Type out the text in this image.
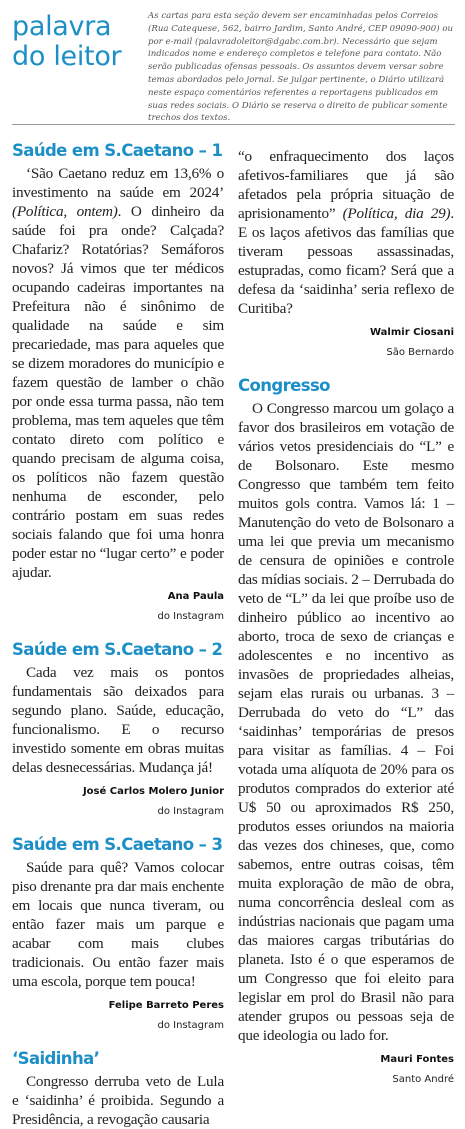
palavra
do leitor
As cartas para esta seção devem ser encaminhadas pelos Correios (Rua Catequese, 562, bairro Jardim, Santo André, CEP 09090-900) ou por e-mail (palavradoleitor@dgabc.com.br). Necessário que sejam indicados nome e endereço completos e telefone para contato. Não serão publicadas ofensas pessoais. Os assuntos devem versar sobre temas abordados pelo jornal. Se julgar pertinente, o Diário utilizará neste espaço comentários referentes a reportagens publicados em suas redes sociais. O Diário se reserva o direito de publicar somente trechos dos textos.
Saúde em S.Caetano – 1
‘São Caetano reduz em 13,6% o investimento na saúde em 2024’ (Política, ontem). O dinheiro da saúde foi pra onde? Calçada? Chafariz? Rotatórias? Semáforos novos? Já vimos que ter médicos ocupando cadeiras importantes na Prefeitura não é sinônimo de qualidade na saúde e sim precariedade, mas para aqueles que se dizem moradores do município e fazem questão de lamber o chão por onde essa turma passa, não tem problema, mas tem aqueles que têm contato direto com político e quando precisam de alguma coisa, os políticos não fazem questão nenhuma de esconder, pelo contrário postam em suas redes sociais falando que foi uma honra poder estar no “lugar certo” e poder ajudar.
Ana Paula
do Instagram
Saúde em S.Caetano – 2
Cada vez mais os pontos fundamentais são deixados para segundo plano. Saúde, educação, funcionalismo. E o recurso investido somente em obras muitas delas desnecessárias. Mudança já!
José Carlos Molero Junior
do Instagram
Saúde em S.Caetano – 3
Saúde para quê? Vamos colocar piso drenante pra dar mais enchente em locais que nunca tiveram, ou então fazer mais um parque e acabar com mais clubes tradicionais. Ou então fazer mais uma escola, porque tem pouca!
Felipe Barreto Peres
do Instagram
‘Saidinha’
Congresso derruba veto de Lula e ‘saidinha’ é proibida. Segundo a Presidência, a revogação causaria
“o enfraquecimento dos laços afetivos-familiares que já são afetados pela própria situação de aprisionamento” (Política, dia 29). E os laços afetivos das famílias que tiveram pessoas assassinadas, estupradas, como ficam? Será que a defesa da ‘saidinha’ seria reflexo de Curitiba?
Walmir Ciosani
São Bernardo
Congresso
O Congresso marcou um golaço a favor dos brasileiros em votação de vários vetos presidenciais do “L” e de Bolsonaro. Este mesmo Congresso que também tem feito muitos gols contra. Vamos lá: 1 – Manutenção do veto de Bolsonaro a uma lei que previa um mecanismo de censura de opiniões e controle das mídias sociais. 2 – Derrubada do veto de “L” da lei que proíbe uso de dinheiro público ao incentivo ao aborto, troca de sexo de crianças e adolescentes e no incentivo as invasões de propriedades alheias, sejam elas rurais ou urbanas. 3 – Derrubada do veto do “L” das ‘saidinhas’ temporárias de presos para visitar as famílias. 4 – Foi votada uma alíquota de 20% para os produtos comprados do exterior até U$ 50 ou aproximados R$ 250, produtos esses oriundos na maioria das vezes dos chineses, que, como sabemos, entre outras coisas, têm muita exploração de mão de obra, numa concorrência desleal com as indústrias nacionais que pagam uma das maiores cargas tributárias do planeta. Isto é o que esperamos de um Congresso que foi eleito para legislar em prol do Brasil não para atender grupos ou pessoas seja de que ideologia ou lado for.
Mauri Fontes
Santo André
